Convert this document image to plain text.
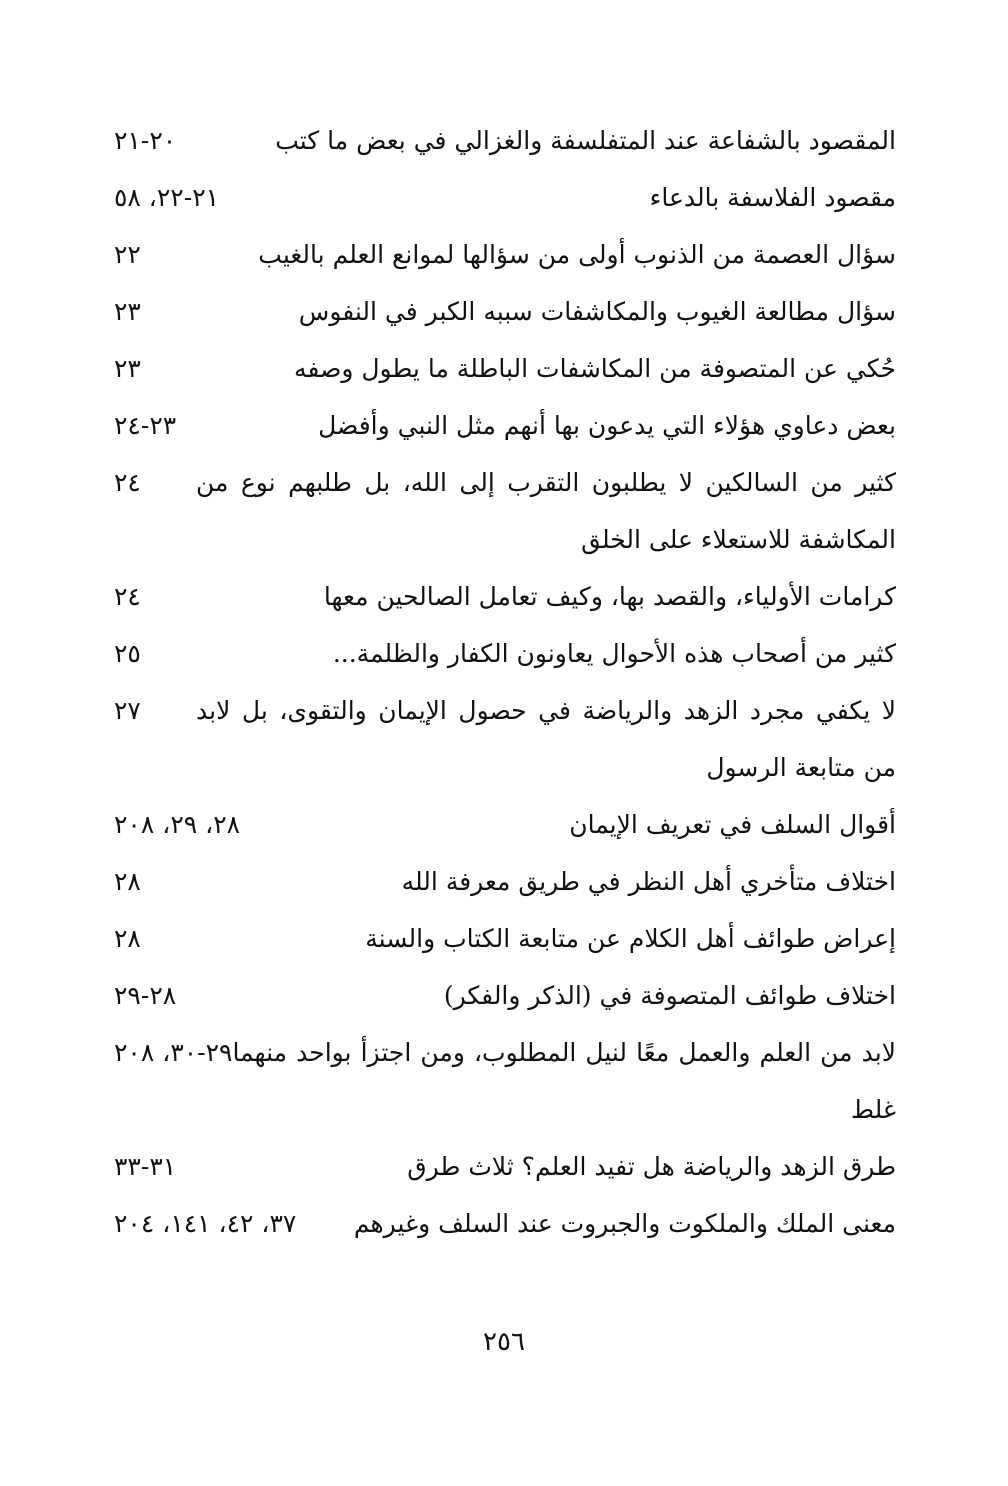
المقصود بالشفاعة عند المتفلسفة والغزالي في بعض ما كتب
٢٠-٢١
مقصود الفلاسفة بالدعاء
٢١-٢٢، ٥٨
سؤال العصمة من الذنوب أولى من سؤالها لموانع العلم بالغيب
٢٢
سؤال مطالعة الغيوب والمكاشفات سببه الكبر في النفوس
٢٣
حُكي عن المتصوفة من المكاشفات الباطلة ما يطول وصفه
٢٣
بعض دعاوي هؤلاء التي يدعون بها أنهم مثل النبي وأفضل
٢٣-٢٤
كثير من السالكين لا يطلبون التقرب إلى الله، بل طلبهم نوع من المكاشفة للاستعلاء على الخلق
٢٤
كرامات الأولياء، والقصد بها، وكيف تعامل الصالحين معها
٢٤
كثير من أصحاب هذه الأحوال يعاونون الكفار والظلمة...
٢٥
لا يكفي مجرد الزهد والرياضة في حصول الإيمان والتقوى، بل لابد من متابعة الرسول
٢٧
أقوال السلف في تعريف الإيمان
٢٨، ٢٩، ٢٠٨
اختلاف متأخري أهل النظر في طريق معرفة الله
٢٨
إعراض طوائف أهل الكلام عن متابعة الكتاب والسنة
٢٨
اختلاف طوائف المتصوفة في (الذكر والفكر)
٢٨-٢٩
لابد من العلم والعمل معًا لنيل المطلوب، ومن اجتزأ بواحد منهما غلط
٢٩-٣٠، ٢٠٨
طرق الزهد والرياضة هل تفيد العلم؟ ثلاث طرق
٣١-٣٣
معنى الملك والملكوت والجبروت عند السلف وغيرهم
٣٧، ٤٢، ١٤١، ٢٠٤
٢٥٦
